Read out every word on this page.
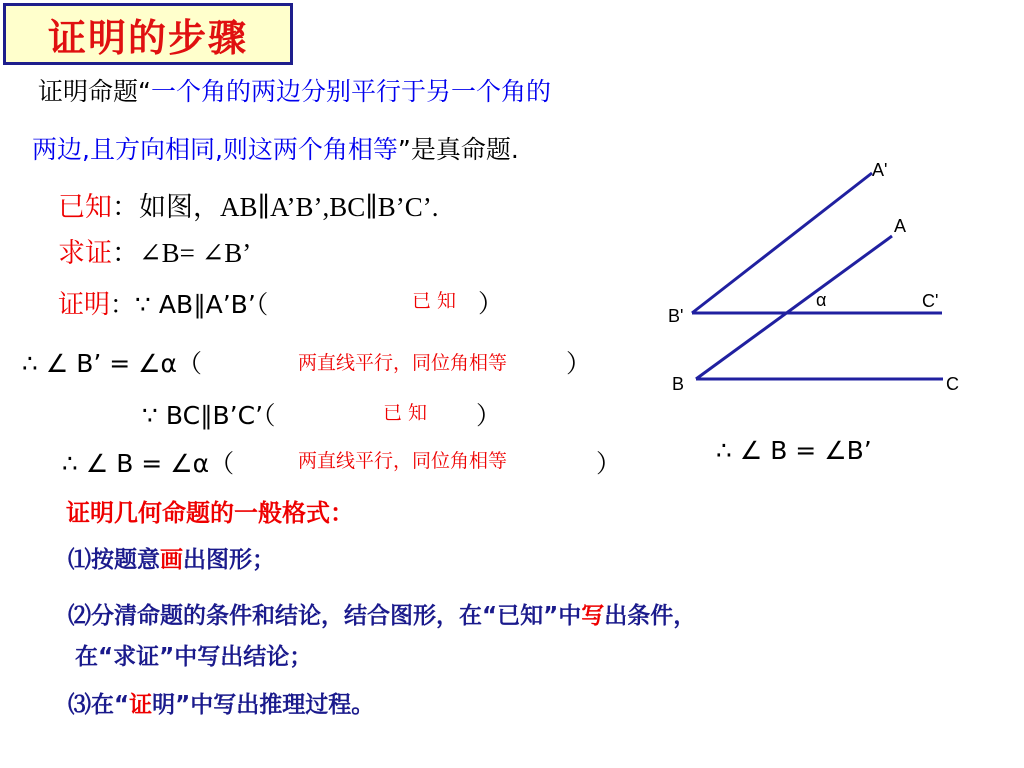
证明的步骤
证明命题“一个角的两边分别平行于另一个角的
两边,且方向相同,则这两个角相等”是真命题.
已知：如图，AB∥A’B’,BC∥B’C’.
求证：∠B= ∠B’
证明：∵ AB∥A’B’（	已 知 ）
∴ ∠ B’ = ∠α（	两直线平行，同位角相等 ）
∵ BC∥B’C’（	已 知 ）
∴ ∠ B = ∠α（	两直线平行，同位角相等	）
A'
A
α	C'
B'
B	C
∴ ∠ B = ∠B’
证明几何命题的一般格式：
⑴按题意画出图形；
⑵分清命题的条件和结论，结合图形，在“已知”中写出条件，
在“求证”中写出结论；
⑶在“证明”中写出推理过程。
